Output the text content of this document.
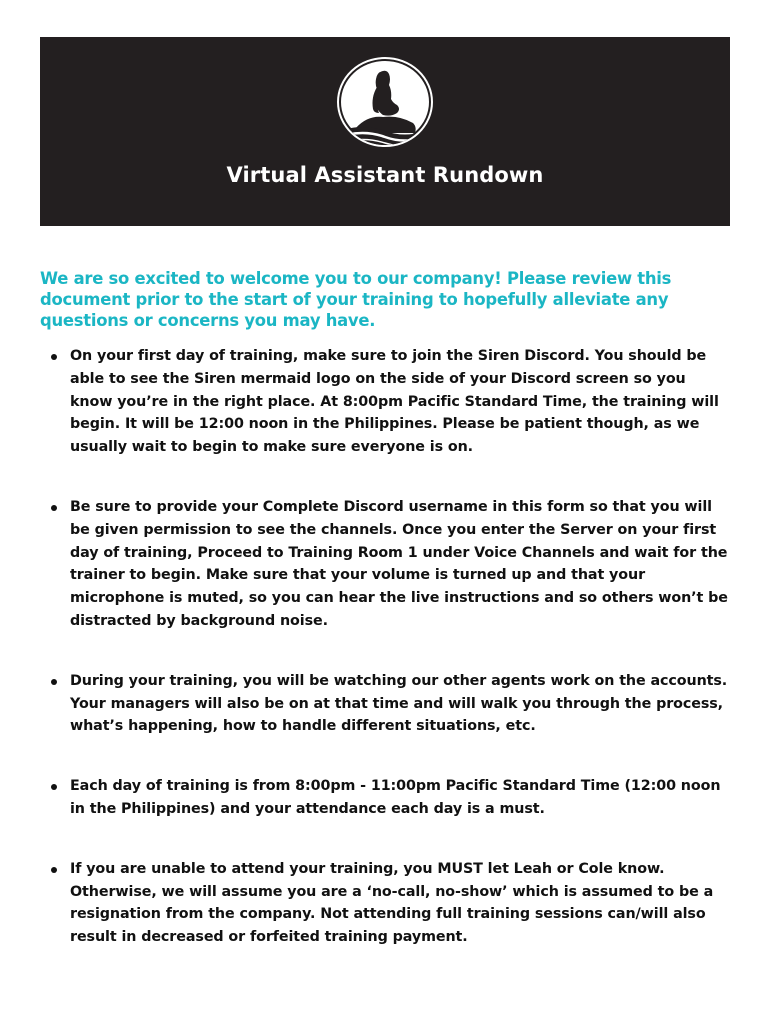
Virtual Assistant Rundown

We are so excited to welcome you to our company! Please review this document prior to the start of your training to hopefully alleviate any questions or concerns you may have.

On your first day of training, make sure to join the Siren Discord. You should be able to see the Siren mermaid logo on the side of your Discord screen so you know you’re in the right place. At 8:00pm Pacific Standard Time, the training will begin. It will be 12:00 noon in the Philippines. Please be patient though, as we usually wait to begin to make sure everyone is on.
Be sure to provide your Complete Discord username in this form so that you will be given permission to see the channels. Once you enter the Server on your first day of training, Proceed to Training Room 1 under Voice Channels and wait for the trainer to begin. Make sure that your volume is turned up and that your microphone is muted, so you can hear the live instructions and so others won’t be distracted by background noise.
During your training, you will be watching our other agents work on the accounts. Your managers will also be on at that time and will walk you through the process, what’s happening, how to handle different situations, etc.
Each day of training is from 8:00pm - 11:00pm Pacific Standard Time (12:00 noon in the Philippines) and your attendance each day is a must.
If you are unable to attend your training, you MUST let Leah or Cole know. Otherwise, we will assume you are a ‘no-call, no-show’ which is assumed to be a resignation from the company. Not attending full training sessions can/will also result in decreased or forfeited training payment.
